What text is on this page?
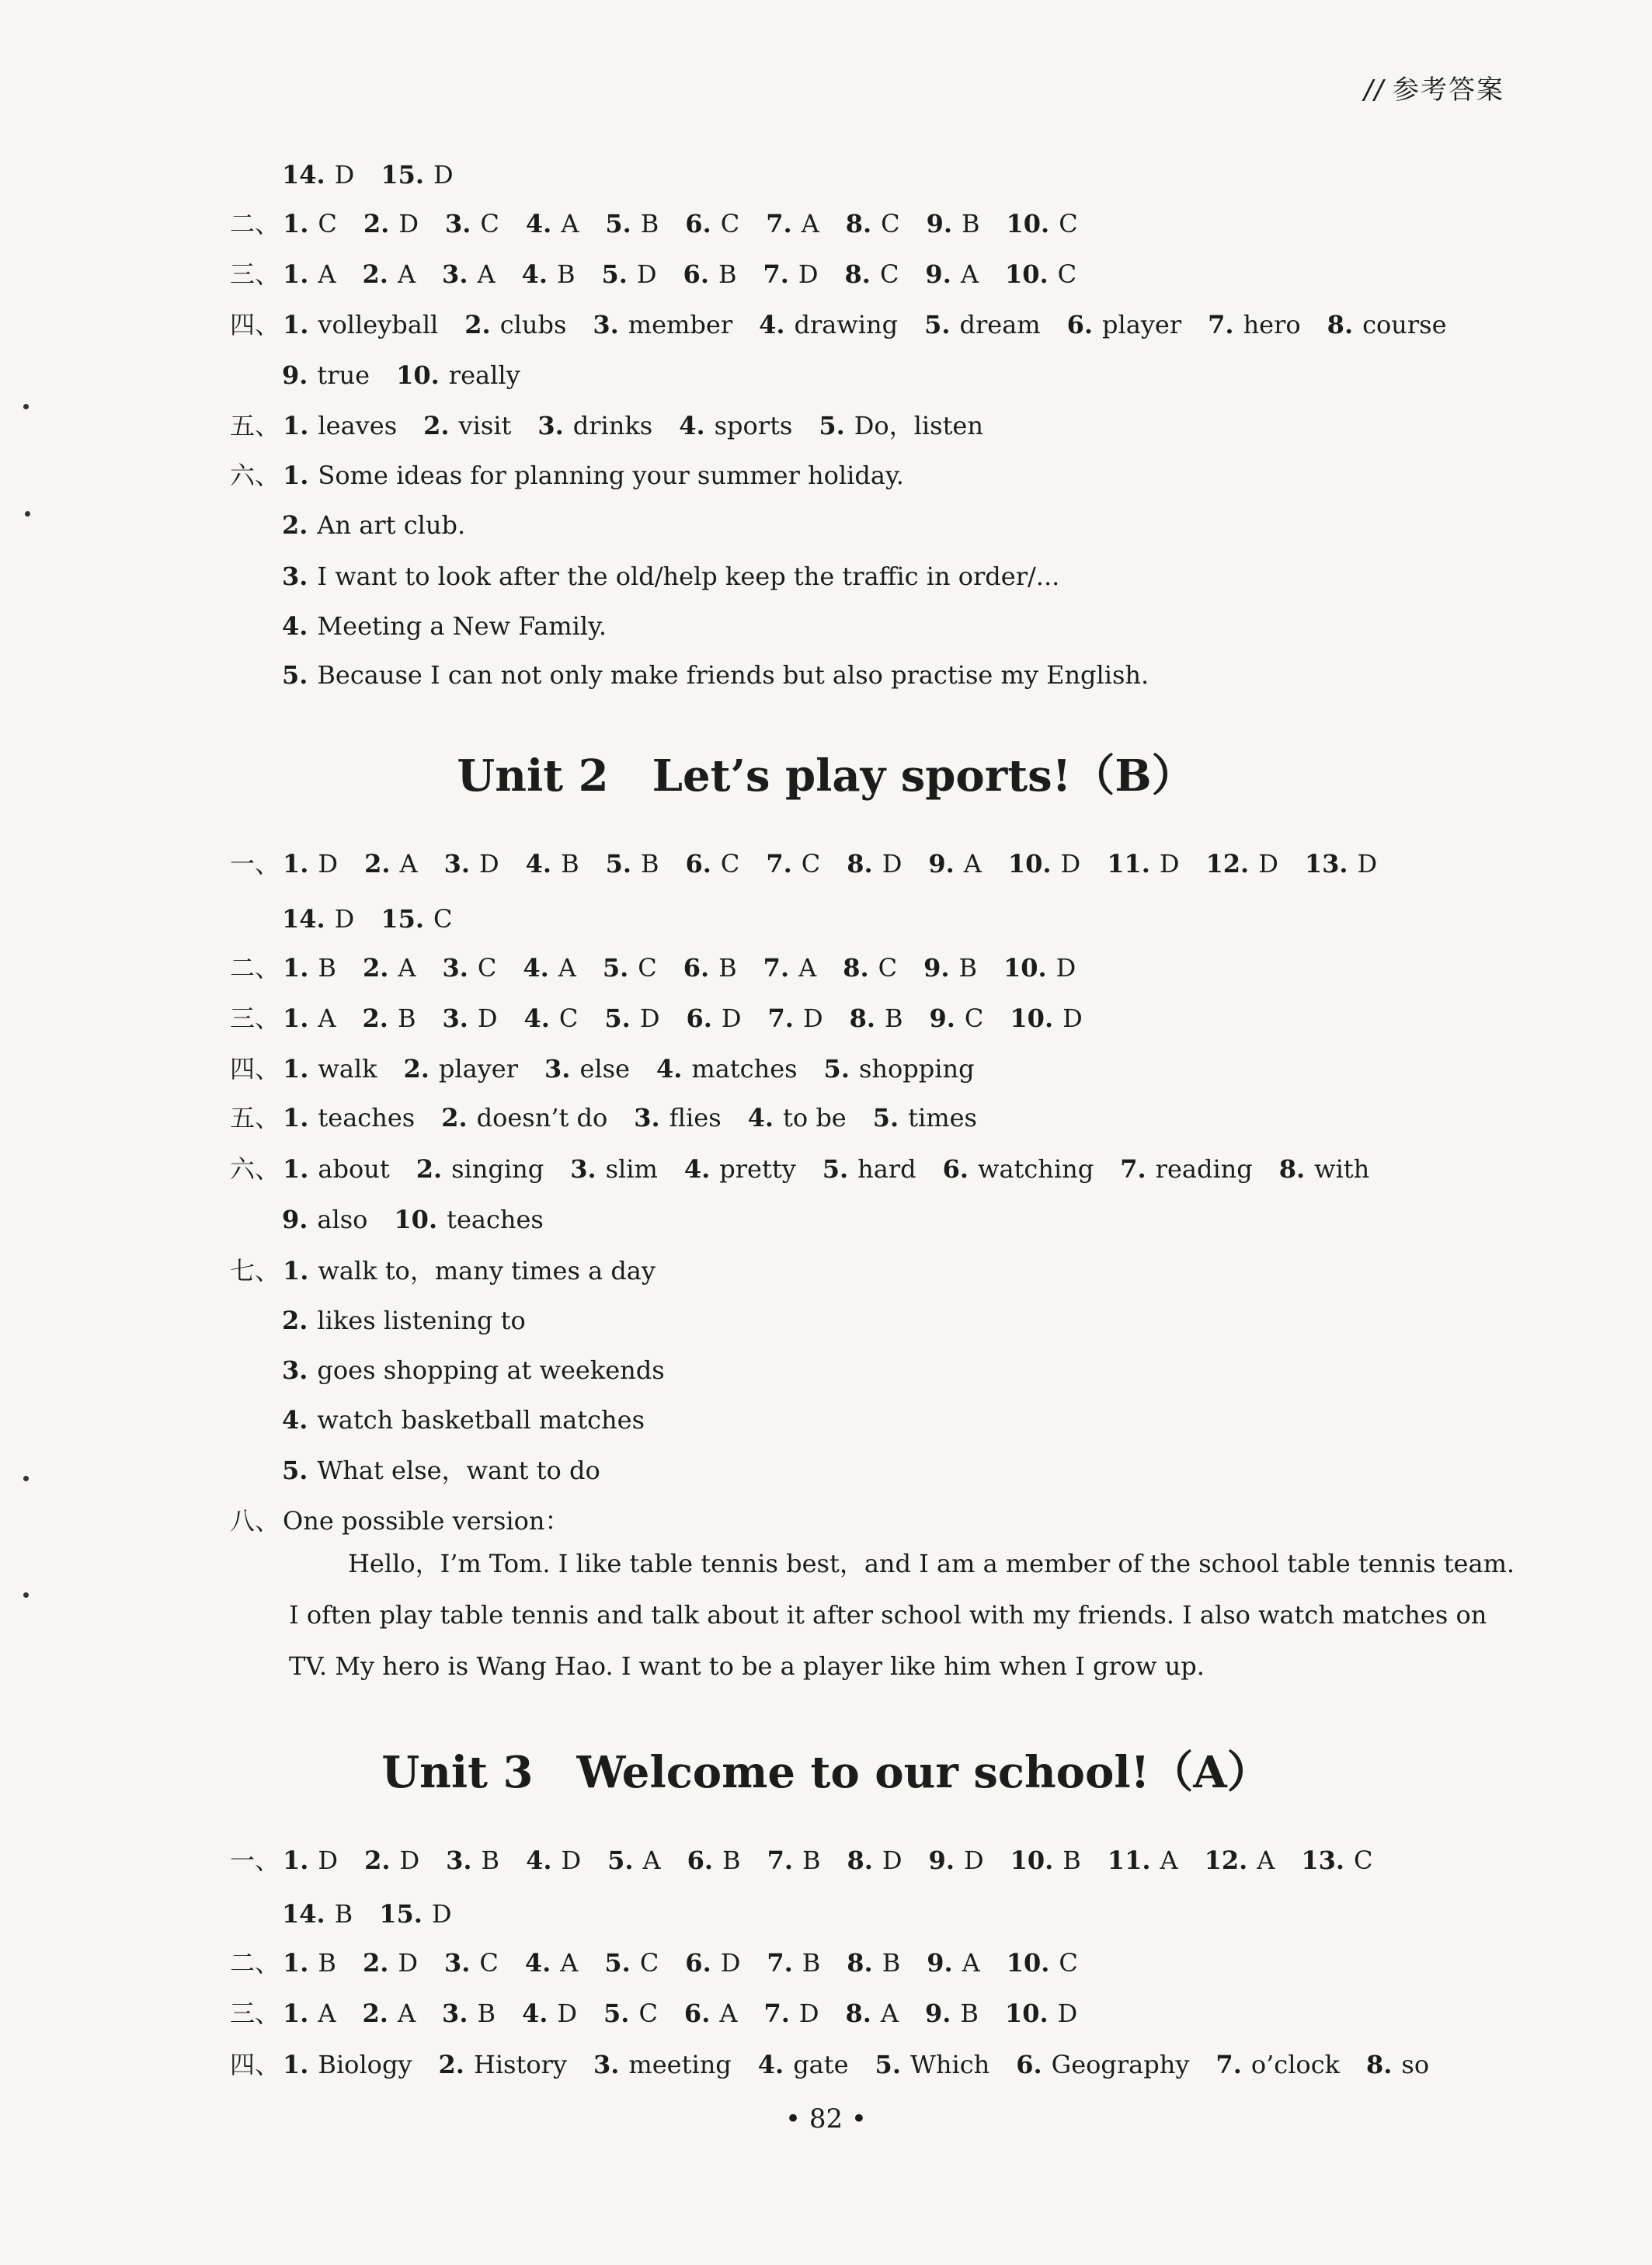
// 参考答案
14. D 15. D
二、 1. C 2. D 3. C 4. A 5. B 6. C 7. A 8. C 9. B 10. C
三、 1. A 2. A 3. A 4. B 5. D 6. B 7. D 8. C 9. A 10. C
四、 1. volleyball 2. clubs 3. member 4. drawing 5. dream 6. player 7. hero 8. course
9. true 10. really
五、 1. leaves 2. visit 3. drinks 4. sports 5. Do，listen
六、 1. Some ideas for planning your summer holiday.
2. An art club.
3. I want to look after the old/help keep the traffic in order/...
4. Meeting a New Family.
5. Because I can not only make friends but also practise my English.
Unit 2 Let’s play sports!（B）
一、 1. D 2. A 3. D 4. B 5. B 6. C 7. C 8. D 9. A 10. D 11. D 12. D 13. D
14. D 15. C
二、 1. B 2. A 3. C 4. A 5. C 6. B 7. A 8. C 9. B 10. D
三、 1. A 2. B 3. D 4. C 5. D 6. D 7. D 8. B 9. C 10. D
四、 1. walk 2. player 3. else 4. matches 5. shopping
五、 1. teaches 2. doesn’t do 3. flies 4. to be 5. times
六、 1. about 2. singing 3. slim 4. pretty 5. hard 6. watching 7. reading 8. with
9. also 10. teaches
七、 1. walk to，many times a day
2. likes listening to
3. goes shopping at weekends
4. watch basketball matches
5. What else，want to do
八、 One possible version：
Hello，I’m Tom. I like table tennis best，and I am a member of the school table tennis team. I often play table tennis and talk about it after school with my friends. I also watch matches on TV. My hero is Wang Hao. I want to be a player like him when I grow up.
Unit 3 Welcome to our school!（A）
一、 1. D 2. D 3. B 4. D 5. A 6. B 7. B 8. D 9. D 10. B 11. A 12. A 13. C
14. B 15. D
二、 1. B 2. D 3. C 4. A 5. C 6. D 7. B 8. B 9. A 10. C
三、 1. A 2. A 3. B 4. D 5. C 6. A 7. D 8. A 9. B 10. D
四、 1. Biology 2. History 3. meeting 4. gate 5. Which 6. Geography 7. o’clock 8. so
• 82 •
